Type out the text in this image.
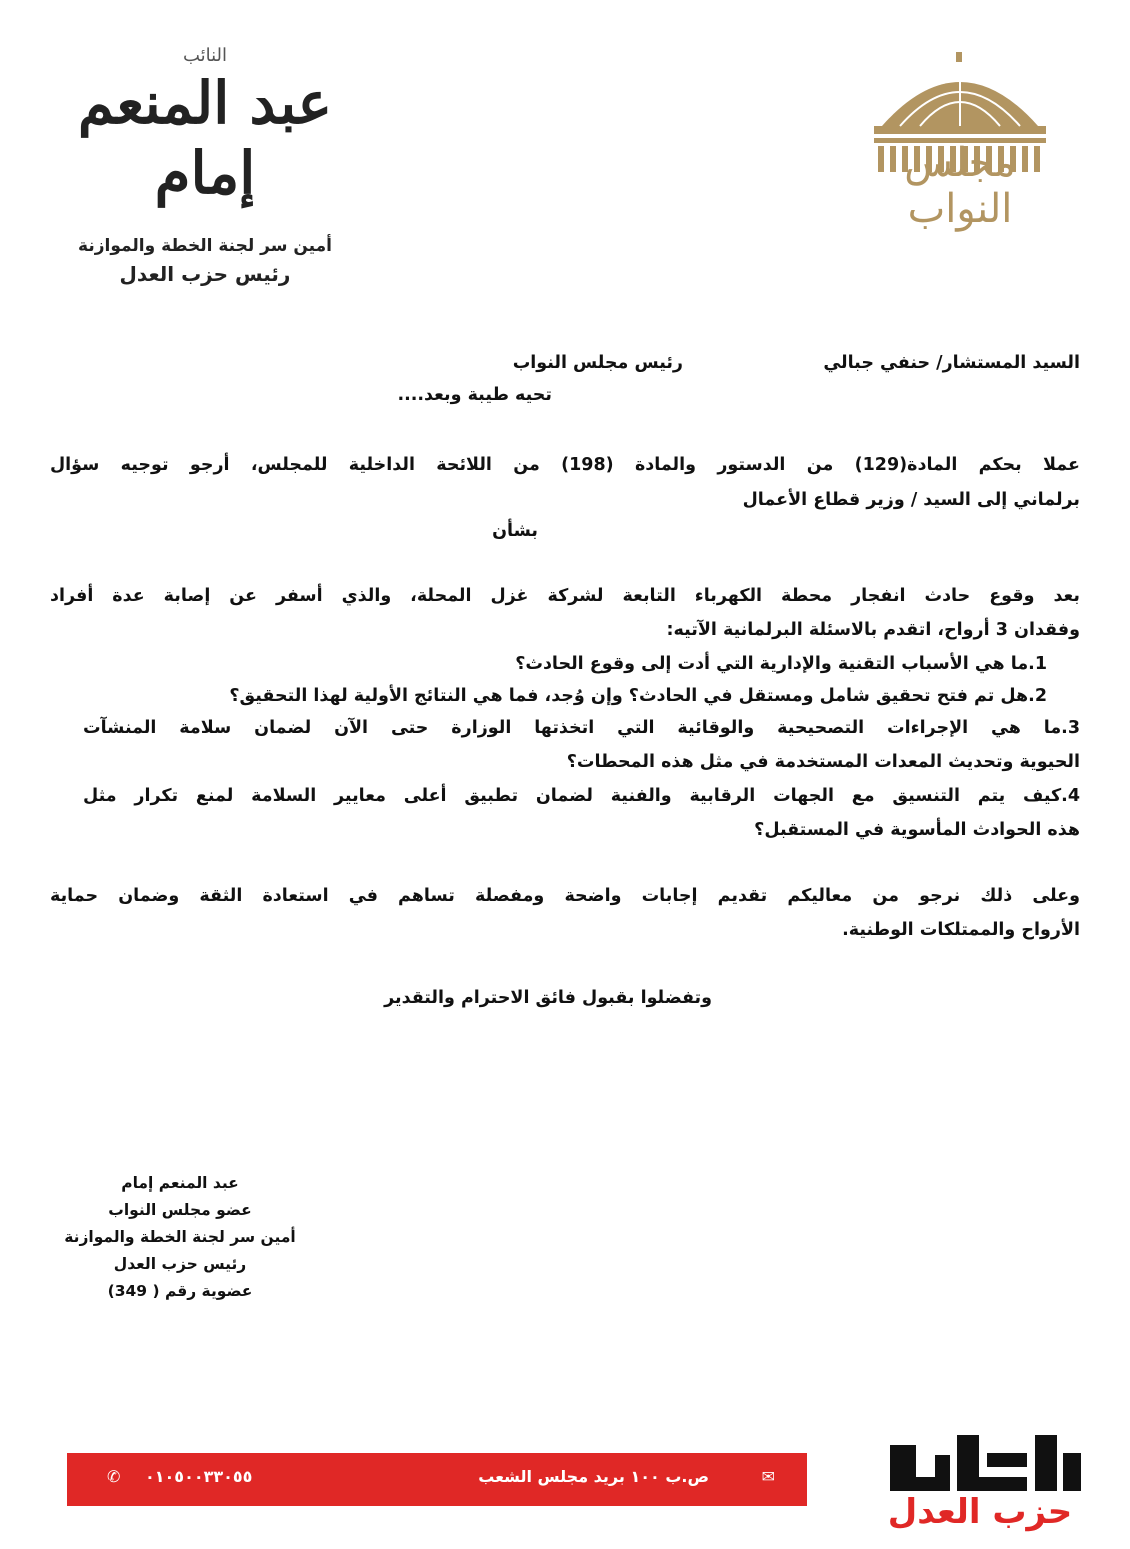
مجلس النواب
النائب
عبد المنعم إمام
أمين سر لجنة الخطة والموازنة
رئيس حزب العدل
السيد المستشار/ حنفي جبالي
رئيس مجلس النواب
تحيه طيبة وبعد....
عملا بحكم المادة(129) من الدستور والمادة (198) من اللائحة الداخلية للمجلس، أرجو توجيه سؤال
برلماني إلى السيد / وزير قطاع الأعمال
بشأن
بعد وقوع حادث انفجار محطة الكهرباء التابعة لشركة غزل المحلة، والذي أسفر عن إصابة عدة أفراد
وفقدان 3 أرواح، اتقدم بالاسئلة البرلمانية الآتيه:
1.ما هي الأسباب التقنية والإدارية التي أدت إلى وقوع الحادث؟
2.هل تم فتح تحقيق شامل ومستقل في الحادث؟ وإن وُجد، فما هي النتائج الأولية لهذا التحقيق؟
3.ما هي الإجراءات التصحيحية والوقائية التي اتخذتها الوزارة حتى الآن لضمان سلامة المنشآت
الحيوية وتحديث المعدات المستخدمة في مثل هذه المحطات؟
4.كيف يتم التنسيق مع الجهات الرقابية والفنية لضمان تطبيق أعلى معايير السلامة لمنع تكرار مثل
هذه الحوادث المأسوية في المستقبل؟
وعلى ذلك نرجو من معاليكم تقديم إجابات واضحة ومفصلة تساهم في استعادة الثقة وضمان حماية
الأرواح والممتلكات الوطنية.
وتفضلوا بقبول فائق الاحترام والتقدير
عبد المنعم إمام
عضو مجلس النواب
أمين سر لجنة الخطة والموازنة
رئيس حزب العدل
عضوية رقم ( 349)
✆ ٠١٠٥٠٠٣٣٠٥٥	ص.ب ١٠٠ بريد مجلس الشعب	✉
حزب العدل
